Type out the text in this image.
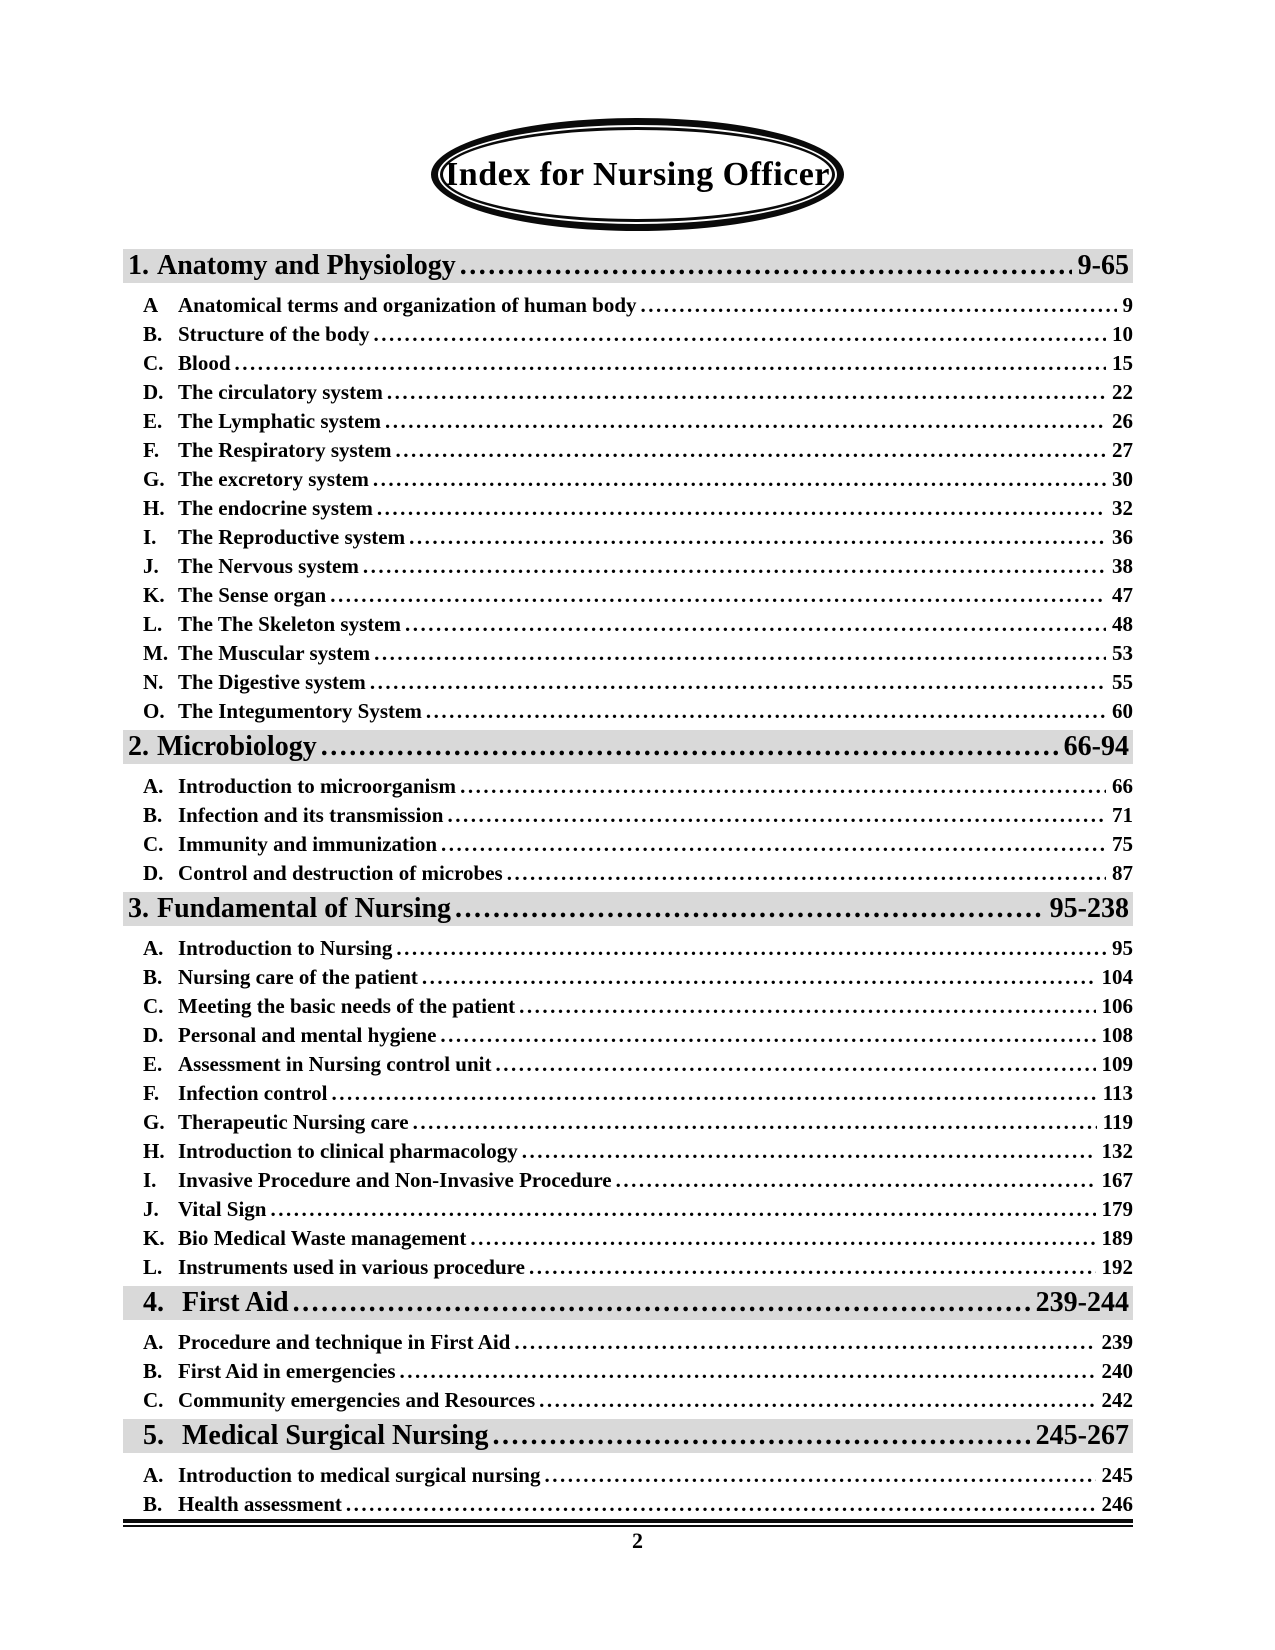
Index for Nursing Officer
1. Anatomy and Physiology .....	9-65
A Anatomical terms and organization of human body .....	9
B. Structure of the body .....	10
C. Blood .....	15
D. The circulatory system .....	22
E. The Lymphatic system .....	26
F. The Respiratory system .....	27
G. The excretory system .....	30
H. The endocrine system .....	32
I.	The Reproductive system .....	36
J. The Nervous system .....	38
K. The Sense organ .....	47
L. The The Skeleton system .....	48
M. The Muscular system .....	53
N. The Digestive system .....	55
O. The Integumentory System .....	60
2. Microbiology .....	66-94
A. Introduction to microorganism .....	66
B. Infection and its transmission .....	71
C. Immunity and immunization .....	75
D. Control and destruction of microbes .....	87
3. Fundamental of Nursing .....	95-238
A. Introduction to Nursing .....	95
B. Nursing care of the patient .....	104
C. Meeting the basic needs of the patient .....	106
D. Personal and mental hygiene .....	108
E. Assessment in Nursing control unit .....	109
F. Infection control .....	113
G. Therapeutic Nursing care .....	119
H. Introduction to clinical pharmacology .....	132
I.	Invasive Procedure and Non-Invasive Procedure .....	167
J. Vital Sign .....	179
K. Bio Medical Waste management .....	189
L. Instruments used in various procedure .....	192
4. First Aid .....	239-244
A. Procedure and technique in First Aid .....	239
B. First Aid in emergencies .....	240
C. Community emergencies and Resources .....	242
5. Medical Surgical Nursing .....	245-267
A. Introduction to medical surgical nursing .....	245
B. Health assessment .....	246
2
